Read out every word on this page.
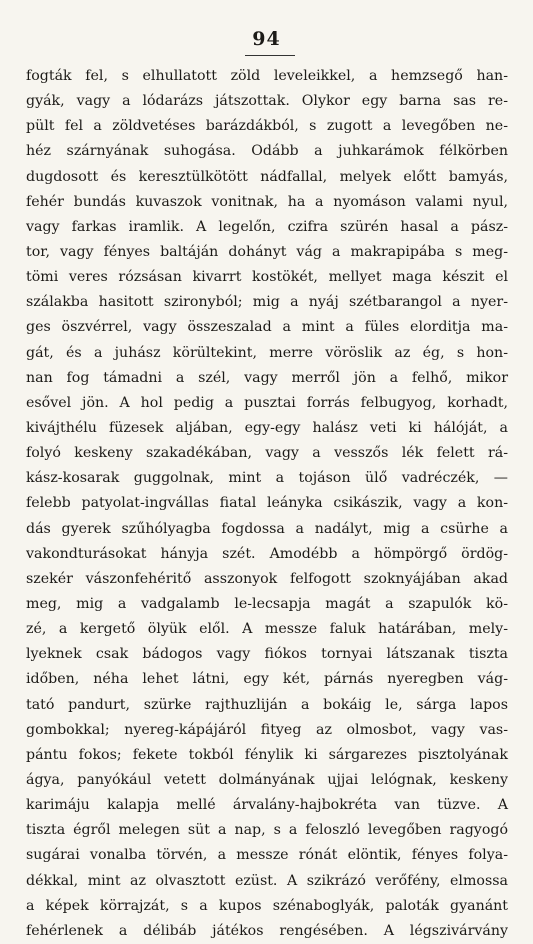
94
fogták fel, s elhullatott zöld leveleikkel, a hemzsegő han-
gyák, vagy a lódarázs játszottak. Olykor egy barna sas re-
pült fel a zöldvetéses barázdákból, s zugott a levegőben ne-
héz szárnyának suhogása. Odább a juhkarámok félkörben
dugdosott és keresztülkötött nádfallal, melyek előtt bamyás,
fehér bundás kuvaszok vonitnak, ha a nyomáson valami nyul,
vagy farkas iramlik. A legelőn, czifra szürén hasal a pász-
tor, vagy fényes baltáján dohányt vág a makrapipába s meg-
tömi veres rózsásan kivarrt kostökét, mellyet maga készit el
szálakba hasitott szironyból; mig a nyáj szétbarangol a nyer-
ges öszvérrel, vagy összeszalad a mint a füles elorditja ma-
gát, és a juhász körültekint, merre vöröslik az ég, s hon-
nan fog támadni a szél, vagy merről jön a felhő, mikor
esővel jön. A hol pedig a pusztai forrás felbugyog, korhadt,
kivájthélu füzesek aljában, egy-egy halász veti ki hálóját, a
folyó keskeny szakadékában, vagy a vesszős lék felett rá-
kász-kosarak guggolnak, mint a tojáson ülő vadréczék, —
felebb patyolat-ingvállas fiatal leányka csikászik, vagy a kon-
dás gyerek szűhólyagba fogdossa a nadályt, mig a csürhe a
vakondturásokat hányja szét. Amodébb a hömpörgő ördög-
szekér vászonfehéritő asszonyok felfogott szoknyájában akad
meg, mig a vadgalamb le-lecsapja magát a szapulók kö-
zé, a kergető ölyük elől. A messze faluk határában, mely-
lyeknek csak bádogos vagy fiókos tornyai látszanak tiszta
időben, néha lehet látni, egy két, párnás nyeregben vág-
tató pandurt, szürke rajthuzliján a bokáig le, sárga lapos
gombokkal; nyereg-kápájáról fityeg az olmosbot, vagy vas-
pántu fokos; fekete tokból fénylik ki sárgarezes pisztolyának
ágya, panyókául vetett dolmányának ujjai lelógnak, keskeny
karimáju kalapja mellé árvalány-hajbokréta van tüzve. A
tiszta égről melegen süt a nap, s a feloszló levegőben ragyogó
sugárai vonalba törvén, a messze rónát elöntik, fényes folya-
dékkal, mint az olvasztott ezüst. A szikrázó verőfény, elmossa
a képek körrajzát, s a kupos szénaboglyák, paloták gyanánt
fehérlenek a délibáb játékos rengésében. A légszivárvány
